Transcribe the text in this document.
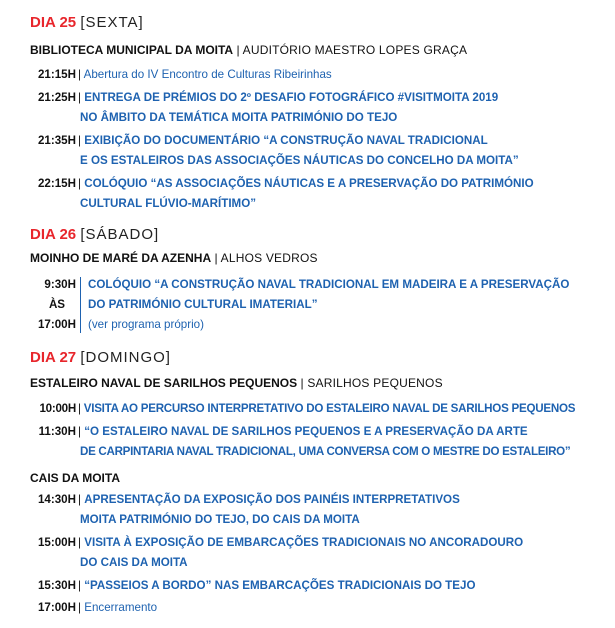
DIA 25 [SEXTA]
BIBLIOTECA MUNICIPAL DA MOITA | AUDITÓRIO MAESTRO LOPES GRAÇA
21:15H | Abertura do IV Encontro de Culturas Ribeirinhas
21:25H | ENTREGA DE PRÉMIOS DO 2º DESAFIO FOTOGRÁFICO #VISITMOITA 2019
NO ÂMBITO DA TEMÁTICA MOITA PATRIMÓNIO DO TEJO
21:35H | EXIBIÇÃO DO DOCUMENTÁRIO “A CONSTRUÇÃO NAVAL TRADICIONAL
E OS ESTALEIROS DAS ASSOCIAÇÕES NÁUTICAS DO CONCELHO DA MOITA”
22:15H | COLÓQUIO “AS ASSOCIAÇÕES NÁUTICAS E A PRESERVAÇÃO DO PATRIMÓNIO
CULTURAL FLÚVIO-MARÍTIMO”
DIA 26 [SÁBADO]
MOINHO DE MARÉ DA AZENHA | ALHOS VEDROS
9:30H
ÀS
17:00H
COLÓQUIO “A CONSTRUÇÃO NAVAL TRADICIONAL EM MADEIRA E A PRESERVAÇÃO
DO PATRIMÓNIO CULTURAL IMATERIAL”
(ver programa próprio)
DIA 27 [DOMINGO]
ESTALEIRO NAVAL DE SARILHOS PEQUENOS | SARILHOS PEQUENOS
10:00H | VISITA AO PERCURSO INTERPRETATIVO DO ESTALEIRO NAVAL DE SARILHOS PEQUENOS
11:30H | “O ESTALEIRO NAVAL DE SARILHOS PEQUENOS E A PRESERVAÇÃO DA ARTE
DE CARPINTARIA NAVAL TRADICIONAL, UMA CONVERSA COM O MESTRE DO ESTALEIRO”
CAIS DA MOITA
14:30H | APRESENTAÇÃO DA EXPOSIÇÃO DOS PAINÉIS INTERPRETATIVOS
MOITA PATRIMÓNIO DO TEJO, DO CAIS DA MOITA
15:00H | VISITA À EXPOSIÇÃO DE EMBARCAÇÕES TRADICIONAIS NO ANCORADOURO
DO CAIS DA MOITA
15:30H | “PASSEIOS A BORDO” NAS EMBARCAÇÕES TRADICIONAIS DO TEJO
17:00H | Encerramento
